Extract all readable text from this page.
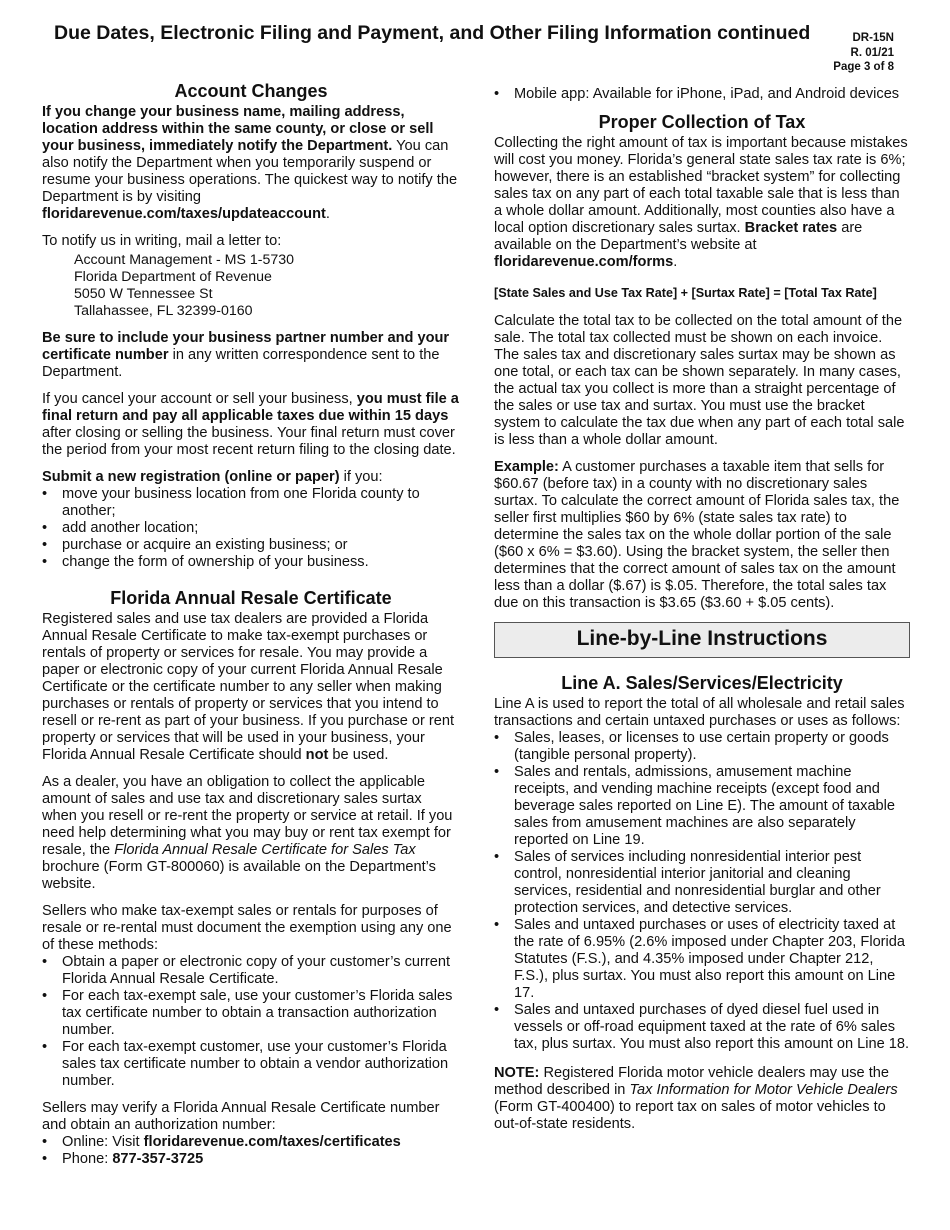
Due Dates, Electronic Filing and Payment, and Other Filing Information continued	DR-15N
R. 01/21
Page 3 of 8
Account Changes

If you change your business name, mailing address, location address within the same county, or close or sell your business, immediately notify the Department. You can also notify the Department when you temporarily suspend or resume your business operations. The quickest way to notify the Department is by visiting floridarevenue.com/taxes/updateaccount.

To notify us in writing, mail a letter to:

Account Management - MS 1-5730
Florida Department of Revenue
5050 W Tennessee St
Tallahassee, FL 32399-0160

Be sure to include your business partner number and your certificate number in any written correspondence sent to the Department.

If you cancel your account or sell your business, you must file a final return and pay all applicable taxes due within 15 days after closing or selling the business. Your final return must cover the period from your most recent return filing to the closing date.

Submit a new registration (online or paper) if you:

• move your business location from one Florida county to another;
• add another location;
• purchase or acquire an existing business; or
• change the form of ownership of your business.
Florida Annual Resale Certificate

Registered sales and use tax dealers are provided a Florida Annual Resale Certificate to make tax-exempt purchases or rentals of property or services for resale. You may provide a paper or electronic copy of your current Florida Annual Resale Certificate or the certificate number to any seller when making purchases or rentals of property or services that you intend to resell or re-rent as part of your business. If you purchase or rent property or services that will be used in your business, your Florida Annual Resale Certificate should not be used.

As a dealer, you have an obligation to collect the applicable amount of sales and use tax and discretionary sales surtax when you resell or re-rent the property or service at retail. If you need help determining what you may buy or rent tax exempt for resale, the Florida Annual Resale Certificate for Sales Tax brochure (Form GT-800060) is available on the Department’s website.

Sellers who make tax-exempt sales or rentals for purposes of resale or re-rental must document the exemption using any one of these methods:

• Obtain a paper or electronic copy of your customer’s current Florida Annual Resale Certificate.
• For each tax-exempt sale, use your customer’s Florida sales tax certificate number to obtain a transaction authorization number.
• For each tax-exempt customer, use your customer’s Florida sales tax certificate number to obtain a vendor authorization number.

Sellers may verify a Florida Annual Resale Certificate number and obtain an authorization number:

• Online: Visit floridarevenue.com/taxes/certificates
• Phone: 877-357-3725
• Mobile app: Available for iPhone, iPad, and Android devices
Proper Collection of Tax

Collecting the right amount of tax is important because mistakes will cost you money. Florida’s general state sales tax rate is 6%; however, there is an established “bracket system” for collecting sales tax on any part of each total taxable sale that is less than a whole dollar amount. Additionally, most counties also have a local option discretionary sales surtax. Bracket rates are available on the Department’s website at floridarevenue.com/forms.

[State Sales and Use Tax Rate] + [Surtax Rate] = [Total Tax Rate]

Calculate the total tax to be collected on the total amount of the sale. The total tax collected must be shown on each invoice. The sales tax and discretionary sales surtax may be shown as one total, or each tax can be shown separately. In many cases, the actual tax you collect is more than a straight percentage of the sales or use tax and surtax. You must use the bracket system to calculate the tax due when any part of each total sale is less than a whole dollar amount.

Example: A customer purchases a taxable item that sells for $60.67 (before tax) in a county with no discretionary sales surtax. To calculate the correct amount of Florida sales tax, the seller first multiplies $60 by 6% (state sales tax rate) to determine the sales tax on the whole dollar portion of the sale ($60 x 6% = $3.60). Using the bracket system, the seller then determines that the correct amount of sales tax on the amount less than a dollar ($.67) is $.05. Therefore, the total sales tax due on this transaction is $3.65 ($3.60 + $.05 cents).

Line-by-Line Instructions
Line A. Sales/Services/Electricity

Line A is used to report the total of all wholesale and retail sales transactions and certain untaxed purchases or uses as follows:

• Sales, leases, or licenses to use certain property or goods (tangible personal property).
• Sales and rentals, admissions, amusement machine receipts, and vending machine receipts (except food and beverage sales reported on Line E). The amount of taxable sales from amusement machines are also separately reported on Line 19.
• Sales of services including nonresidential interior pest control, nonresidential interior janitorial and cleaning services, residential and nonresidential burglar and other protection services, and detective services.
• Sales and untaxed purchases or uses of electricity taxed at the rate of 6.95% (2.6% imposed under Chapter 203, Florida Statutes (F.S.), and 4.35% imposed under Chapter 212, F.S.), plus surtax. You must also report this amount on Line 17.
• Sales and untaxed purchases of dyed diesel fuel used in vessels or off-road equipment taxed at the rate of 6% sales tax, plus surtax. You must also report this amount on Line 18.

NOTE: Registered Florida motor vehicle dealers may use the method described in Tax Information for Motor Vehicle Dealers (Form GT-400400) to report tax on sales of motor vehicles to out-of-state residents.
